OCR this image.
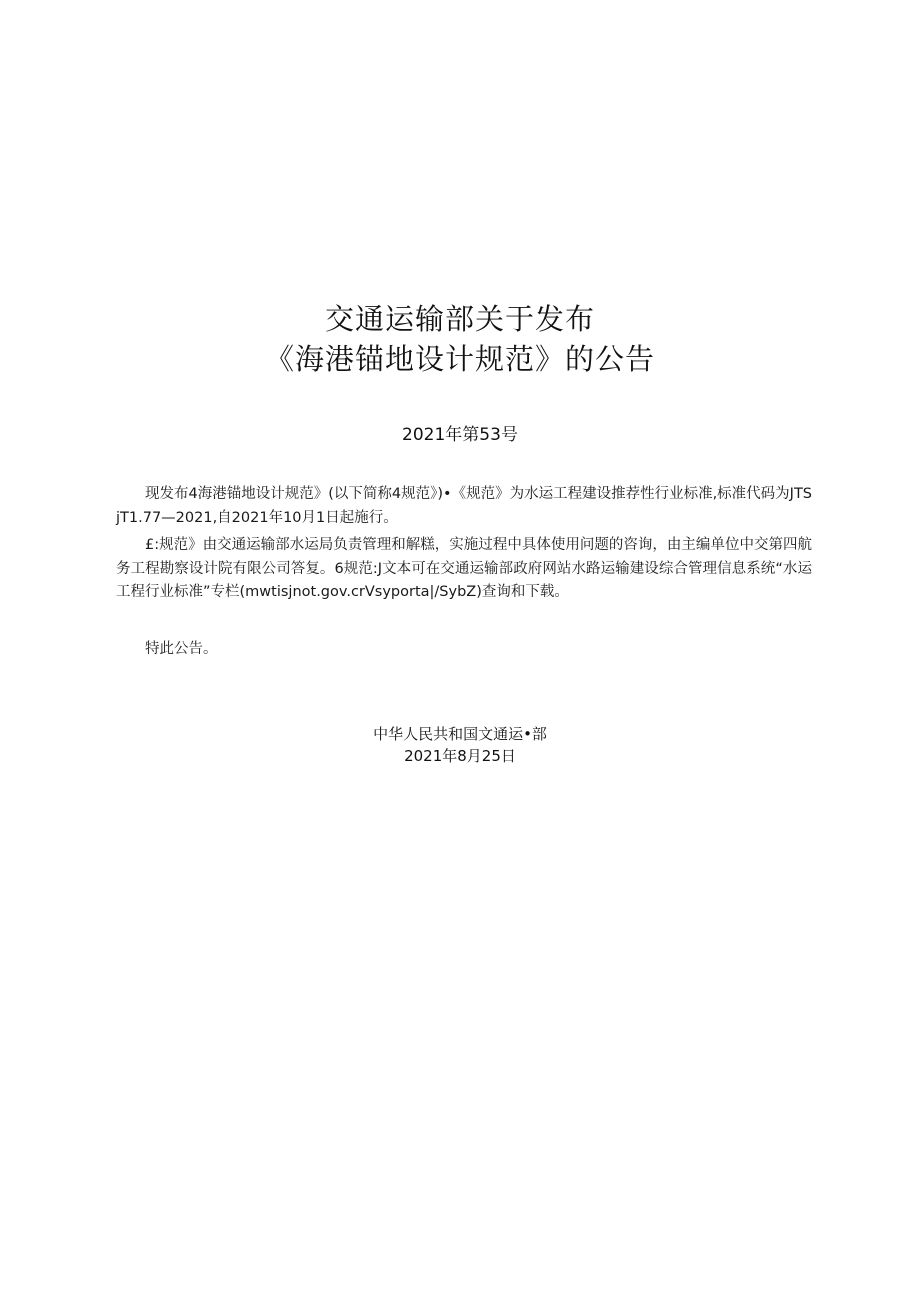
交通运输部关于发布
《海港锚地设计规范》的公告
2021年第53号

现发布4海港锚地设计规范》(以下简称4规范》)•《规范》为水运工程建设推荐性行业标准,标准代码为JTSjT1.77—2021,自2021年10月1日起施行。

£:规范》由交通运输部水运局负责管理和解糕，实施过程中具体使用问题的咨询，由主编单位中交第四航务工程勘察设计院有限公司答复。6规范:J文本可在交通运输部政府网站水路运输建设综合管理信息系统“水运工程行业标准”专栏(mwtisjnot.gov.crVsyporta|/SybZ)查询和下载。

特此公告。

中华人民共和国文通运•部
2021年8月25日
